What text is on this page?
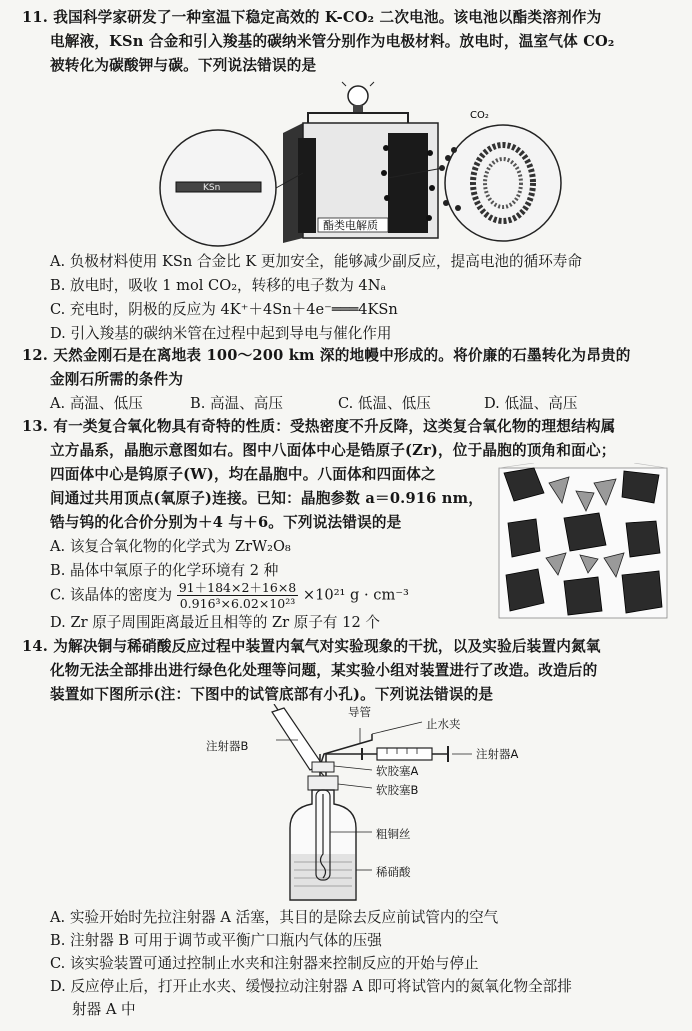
11. 我国科学家研发了一种室温下稳定高效的 K-CO₂ 二次电池。该电池以酯类溶剂作为
电解液，KSn 合金和引入羧基的碳纳米管分别作为电极材料。放电时，温室气体 CO₂
被转化为碳酸钾与碳。下列说法错误的是
酯类电解质
KSn
CO₂
A. 负极材料使用 KSn 合金比 K 更加安全，能够减少副反应，提高电池的循环寿命
B. 放电时，吸收 1 mol CO₂，转移的电子数为 4Nₐ
C. 充电时，阴极的反应为 4K⁺＋4Sn＋4e⁻═══4KSn
D. 引入羧基的碳纳米管在过程中起到导电与催化作用
12. 天然金刚石是在离地表 100～200 km 深的地幔中形成的。将价廉的石墨转化为昂贵的
金刚石所需的条件为
A. 高温、低压	B. 高温、高压	C. 低温、低压	D. 低温、高压
13. 有一类复合氧化物具有奇特的性质：受热密度不升反降，这类复合氧化物的理想结构属
立方晶系，晶胞示意图如右。图中八面体中心是锆原子(Zr)，位于晶胞的顶角和面心；
四面体中心是钨原子(W)，均在晶胞中。八面体和四面体之
间通过共用顶点(氧原子)连接。已知：晶胞参数 a＝0.916 nm，
锆与钨的化合价分别为＋4 与＋6。下列说法错误的是
A. 该复合氧化物的化学式为 ZrW₂O₈
B. 晶体中氧原子的化学环境有 2 种
C. 该晶体的密度为 $\frac{91+184\times 2+16\times 8}{\text{0.916³×6.02×10²³}} \times 10^{21}$ g · cm⁻³
D. Zr 原子周围距离最近且相等的 Zr 原子有 12 个
14. 为解决铜与稀硝酸反应过程中装置内氧气对实验现象的干扰，以及实验后装置内氮氧
化物无法全部排出进行绿色化处理等问题，某实验小组对装置进行了改造。改造后的
装置如下图所示(注：下图中的试管底部有小孔)。下列说法错误的是
导管
止水夹
注射器B
注射器A
软胶塞A
软胶塞B
粗铜丝
稀硝酸
A. 实验开始时先拉注射器 A 活塞，其目的是除去反应前试管内的空气
B. 注射器 B 可用于调节或平衡广口瓶内气体的压强
C. 该实验装置可通过控制止水夹和注射器来控制反应的开始与停止
D. 反应停止后，打开止水夹、缓慢拉动注射器 A 即可将试管内的氮氧化物全部排
射器 A 中
